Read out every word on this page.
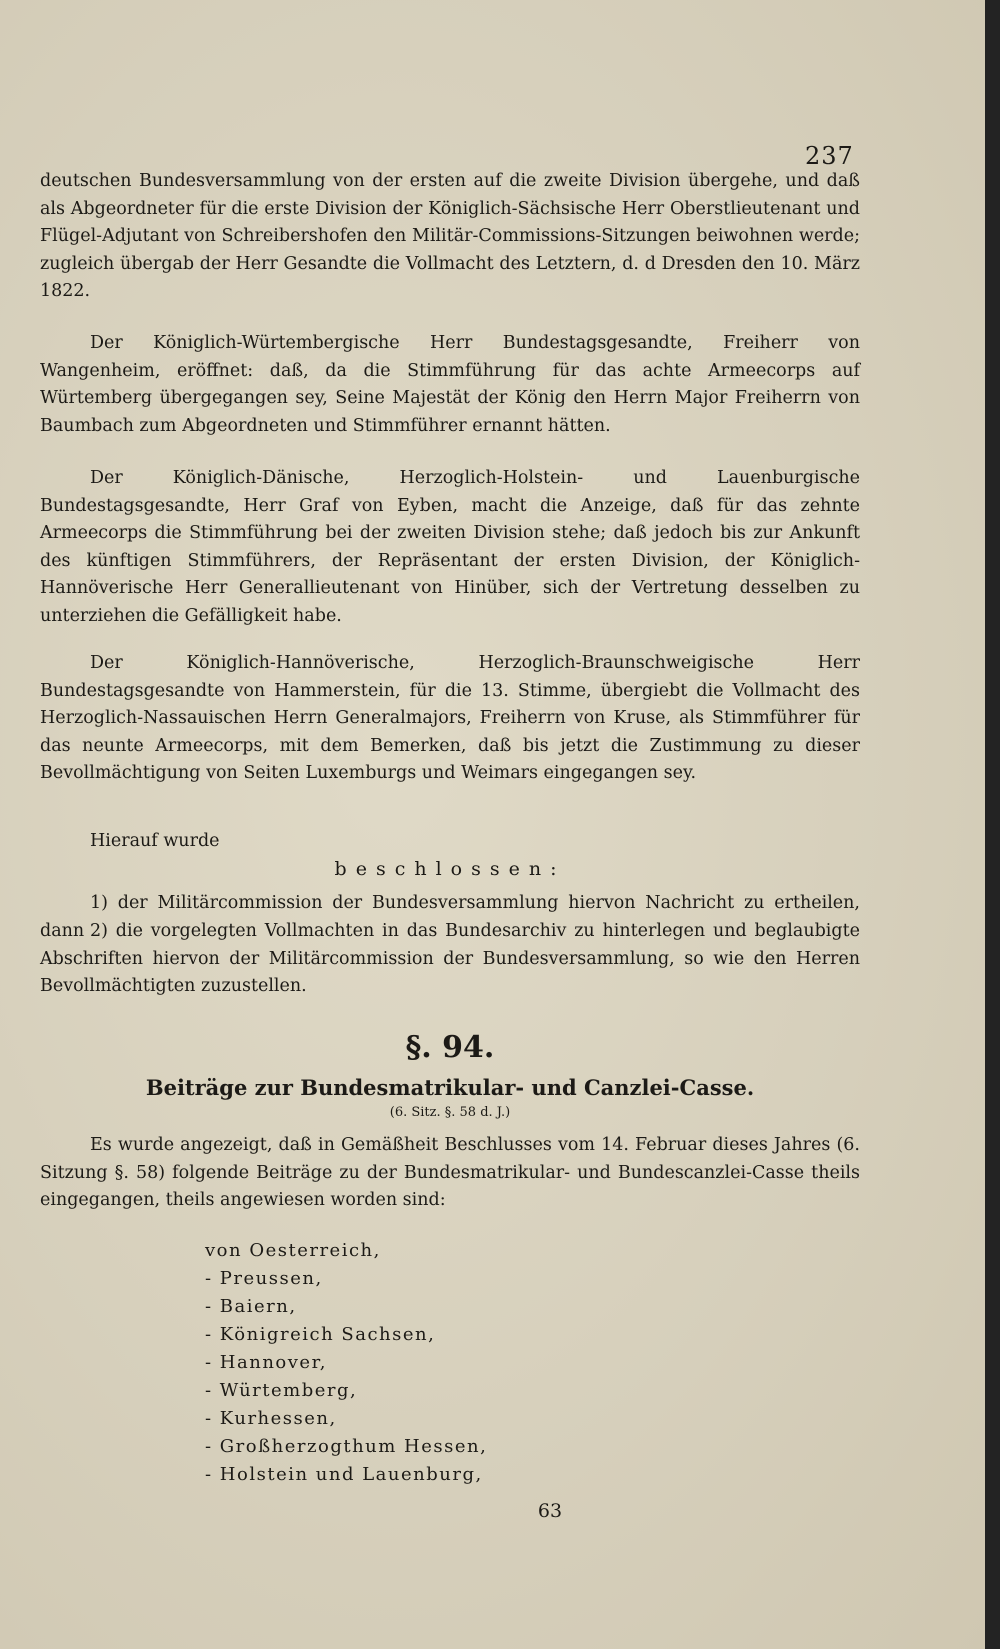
237

deutschen Bundesversammlung von der ersten auf die zweite Division übergehe, und daß als Abgeordneter für die erste Division der Königlich-Sächsische Herr Oberstlieutenant und Flügel-Adjutant von Schreibershofen den Militär-Commissions-Sitzungen beiwohnen werde; zugleich übergab der Herr Gesandte die Vollmacht des Letztern, d. d Dresden den 10. März 1822.

Der Königlich-Würtembergische Herr Bundestagsgesandte, Freiherr von Wangenheim, eröffnet: daß, da die Stimmführung für das achte Armeecorps auf Würtemberg übergegangen sey, Seine Majestät der König den Herrn Major Freiherrn von Baumbach zum Abgeordneten und Stimmführer ernannt hätten.

Der Königlich-Dänische, Herzoglich-Holstein- und Lauenburgische Bundestagsgesandte, Herr Graf von Eyben, macht die Anzeige, daß für das zehnte Armeecorps die Stimmführung bei der zweiten Division stehe; daß jedoch bis zur Ankunft des künftigen Stimmführers, der Repräsentant der ersten Division, der Königlich-Hannöverische Herr Generallieutenant von Hinüber, sich der Vertretung desselben zu unterziehen die Gefälligkeit habe.

Der Königlich-Hannöverische, Herzoglich-Braunschweigische Herr Bundestagsgesandte von Hammerstein, für die 13. Stimme, übergiebt die Vollmacht des Herzoglich-Nassauischen Herrn Generalmajors, Freiherrn von Kruse, als Stimmführer für das neunte Armeecorps, mit dem Bemerken, daß bis jetzt die Zustimmung zu dieser Bevollmächtigung von Seiten Luxemburgs und Weimars eingegangen sey.

Hierauf wurde

beschlossen:

1) der Militärcommission der Bundesversammlung hiervon Nachricht zu ertheilen, dann 2) die vorgelegten Vollmachten in das Bundesarchiv zu hinterlegen und beglaubigte Abschriften hiervon der Militärcommission der Bundesversammlung, so wie den Herren Bevollmächtigten zuzustellen.

§. 94.

Beiträge zur Bundesmatrikular- und Canzlei-Casse.

(6. Sitz. §. 58 d. J.)

Es wurde angezeigt, daß in Gemäßheit Beschlusses vom 14. Februar dieses Jahres (6. Sitzung §. 58) folgende Beiträge zu der Bundesmatrikular- und Bundescanzlei-Casse theils eingegangen, theils angewiesen worden sind:

von Oesterreich,

- Preussen,

- Baiern,

- Königreich Sachsen,

- Hannover,

- Würtemberg,

- Kurhessen,

- Großherzogthum Hessen,

- Holstein und Lauenburg,

63
